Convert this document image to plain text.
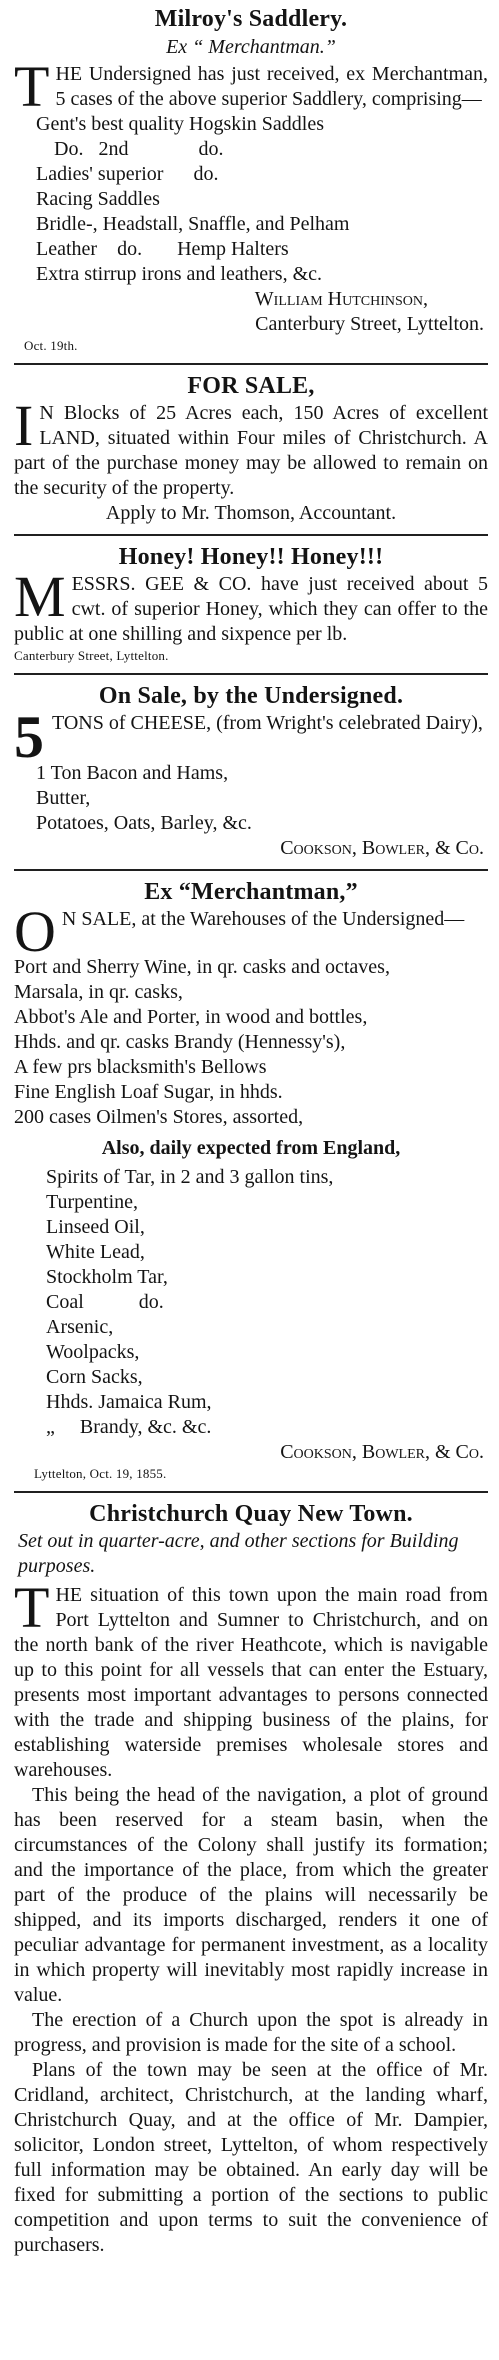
Milroy's Saddlery.
Ex “ Merchantman.”

T HE Undersigned has just received, ex Merchantman, 5 cases of the above superior Saddlery, comprising—

Gent's best quality Hogskin Saddles
Do.   2nd              do.
Ladies' superior      do.
Racing Saddles
Bridle-, Headstall, Snaffle, and Pelham
Leather    do.       Hemp Halters
Extra stirrup irons and leathers, &c.
William Hutchinson,
Canterbury Street, Lyttelton.
Oct. 19th.
FOR SALE,

I N Blocks of 25 Acres each, 150 Acres of excellent LAND, situated within Four miles of Christchurch. A part of the purchase money may be allowed to remain on the security of the property.

Apply to Mr. Thomson, Accountant.
Honey! Honey!! Honey!!!

M ESSRS. GEE & CO. have just received about 5 cwt. of superior Honey, which they can offer to the public at one shilling and sixpence per lb.

Canterbury Street, Lyttelton.
On Sale, by the Undersigned.

5 TONS of CHEESE, (from Wright's celebrated Dairy),

1 Ton Bacon and Hams,
Butter,
Potatoes, Oats, Barley, &c.
Cookson, Bowler, & Co.
Ex “Merchantman,”

O N SALE, at the Warehouses of the Undersigned—

Port and Sherry Wine, in qr. casks and octaves,
Marsala, in qr. casks,
Abbot's Ale and Porter, in wood and bottles,
Hhds. and qr. casks Brandy (Hennessy's),
A few prs blacksmith's Bellows
Fine English Loaf Sugar, in hhds.
200 cases Oilmen's Stores, assorted,
Also, daily expected from England,
Spirits of Tar, in 2 and 3 gallon tins,
Turpentine,
Linseed Oil,
White Lead,
Stockholm Tar,
Coal           do.
Arsenic,
Woolpacks,
Corn Sacks,
Hhds. Jamaica Rum,
„     Brandy, &c. &c.
Cookson, Bowler, & Co.
Lyttelton, Oct. 19, 1855.
Christchurch Quay New Town.
Set out in quarter-acre, and other sections for Building purposes.

T HE situation of this town upon the main road from Port Lyttelton and Sumner to Christchurch, and on the north bank of the river Heathcote, which is navigable up to this point for all vessels that can enter the Estuary, presents most important advantages to persons connected with the trade and shipping business of the plains, for establishing waterside premises wholesale stores and warehouses.

This being the head of the navigation, a plot of ground has been reserved for a steam basin, when the circumstances of the Colony shall justify its formation; and the importance of the place, from which the greater part of the produce of the plains will necessarily be shipped, and its imports discharged, renders it one of peculiar advantage for permanent investment, as a locality in which property will inevitably most rapidly increase in value.

The erection of a Church upon the spot is already in progress, and provision is made for the site of a school.

Plans of the town may be seen at the office of Mr. Cridland, architect, Christchurch, at the landing wharf, Christchurch Quay, and at the office of Mr. Dampier, solicitor, London street, Lyttelton, of whom respectively full information may be obtained. An early day will be fixed for submitting a portion of the sections to public competition and upon terms to suit the convenience of purchasers.
